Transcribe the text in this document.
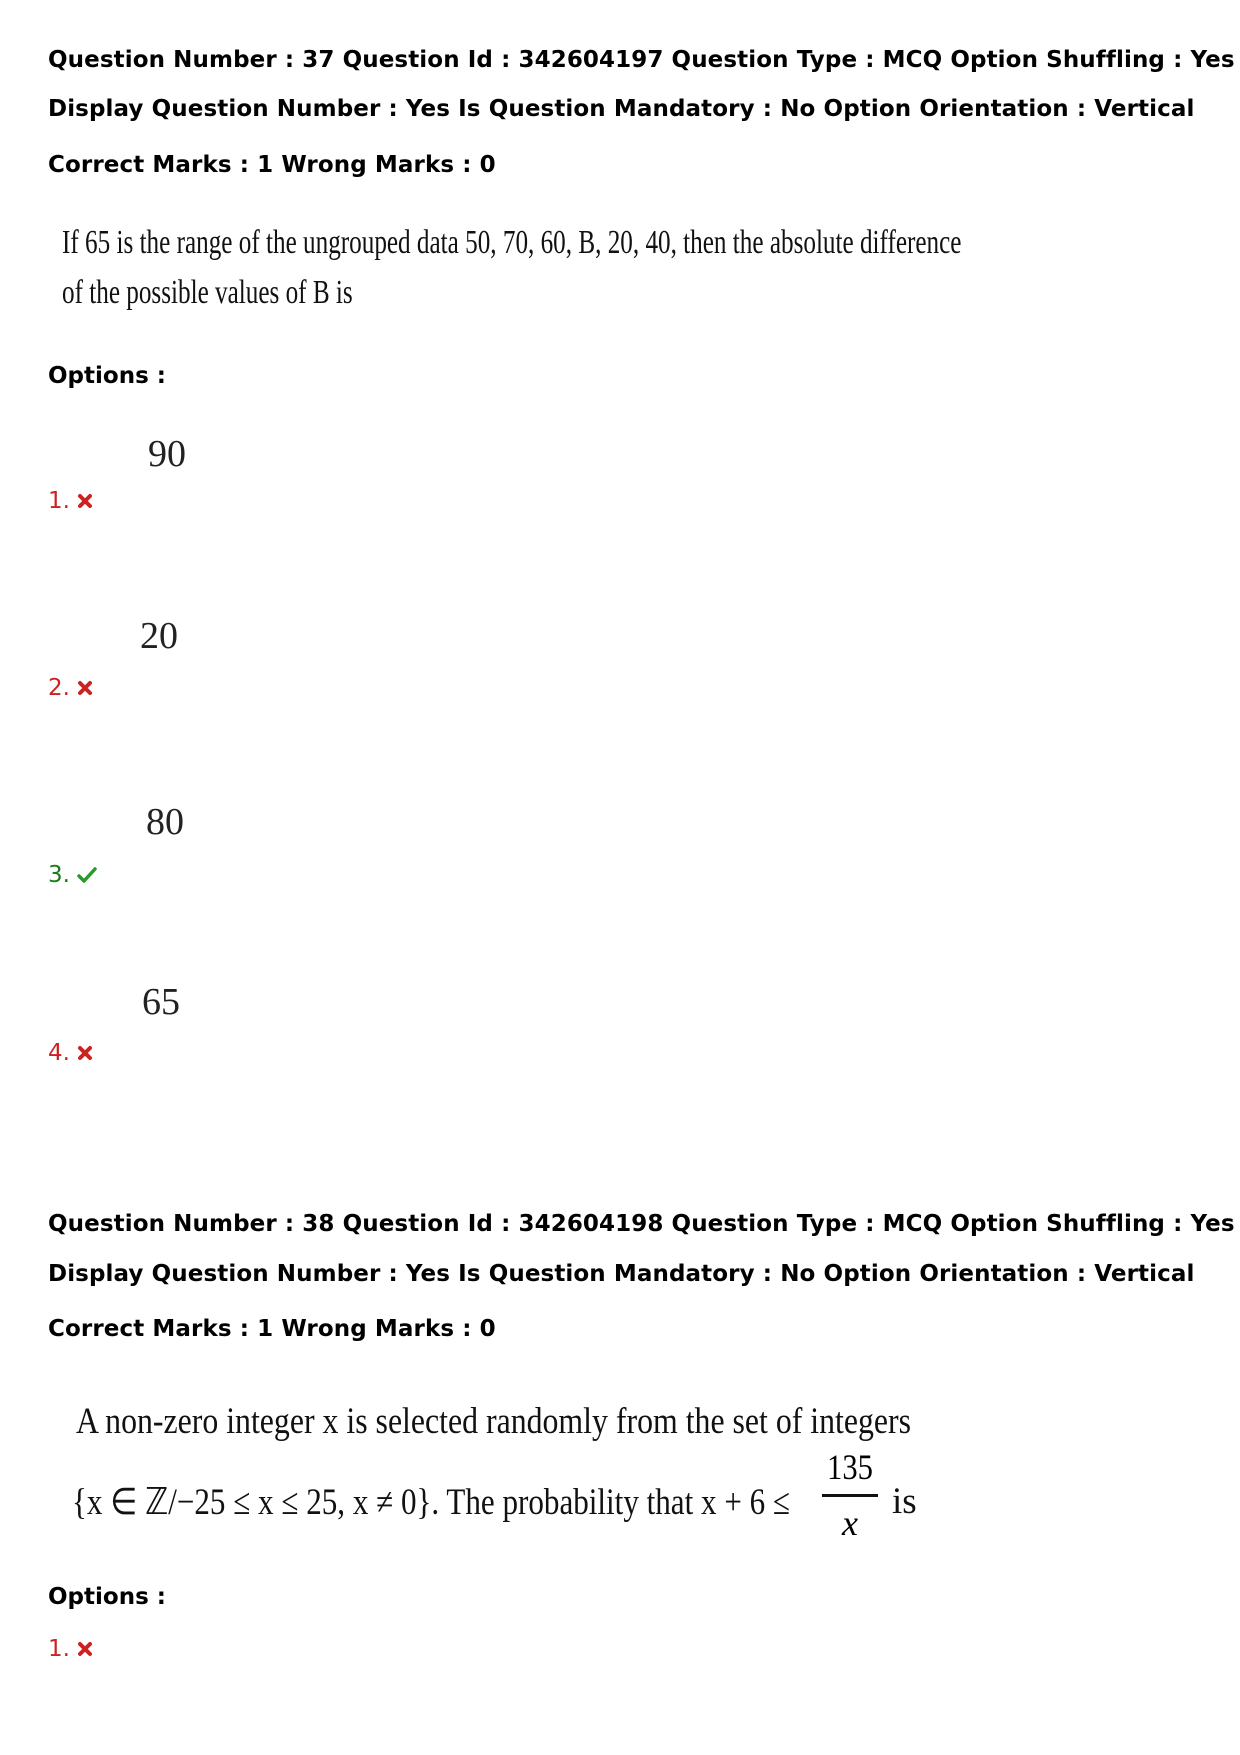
Question Number : 37 Question Id : 342604197 Question Type : MCQ Option Shuffling : Yes
Display Question Number : Yes Is Question Mandatory : No Option Orientation : Vertical
Correct Marks : 1 Wrong Marks : 0
If 65 is the range of the ungrouped data 50, 70, 60, B, 20, 40, then the absolute difference
of the possible values of B is
Options :
90
1.
20
2.
80
3.
65
4.
Question Number : 38 Question Id : 342604198 Question Type : MCQ Option Shuffling : Yes
Display Question Number : Yes Is Question Mandatory : No Option Orientation : Vertical
Correct Marks : 1 Wrong Marks : 0
A non-zero integer x is selected randomly from the set of integers
{x ∈ ℤ/−25 ≤ x ≤ 25, x ≠ 0}. The probability that x + 6 ≤
135
x
is
Options :
1.
